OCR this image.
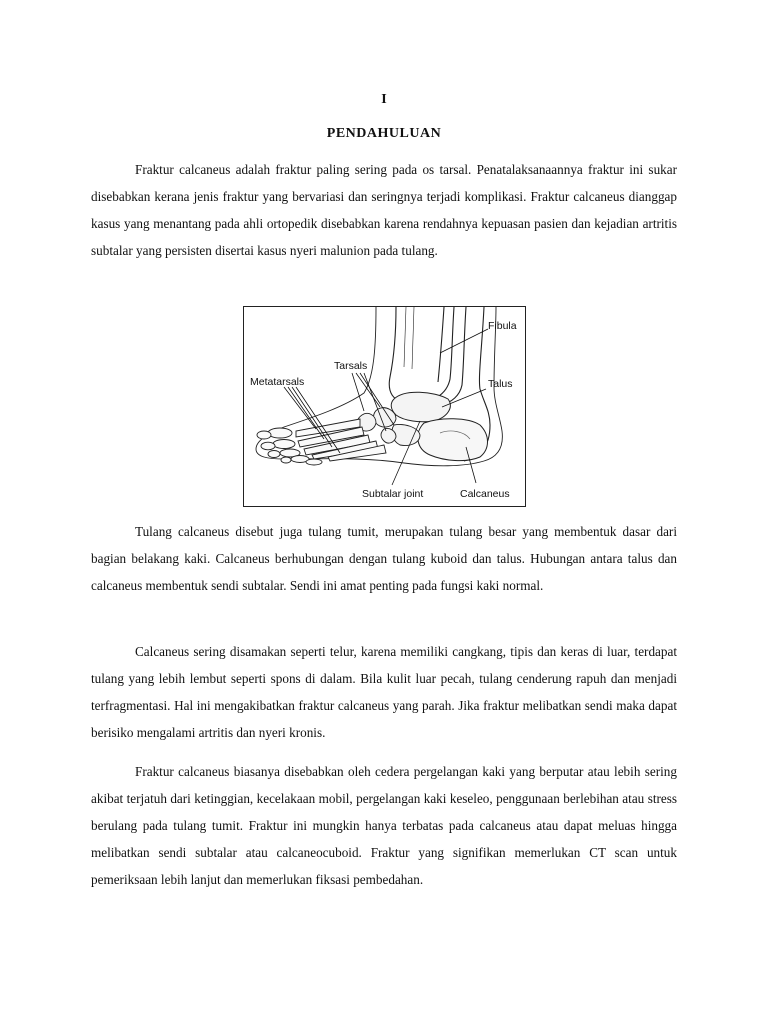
I
PENDAHULUAN

Fraktur calcaneus adalah fraktur paling sering pada os tarsal. Penatalaksanaannya fraktur ini sukar disebabkan kerana jenis fraktur yang bervariasi dan seringnya terjadi komplikasi. Fraktur calcaneus dianggap kasus yang menantang pada ahli ortopedik disebabkan karena rendahnya kepuasan pasien dan kejadian artritis subtalar yang persisten disertai kasus nyeri malunion pada tulang.

Fibula
Tarsals
Metatarsals	Talus
Subtalar joint	Calcaneus

Tulang calcaneus disebut juga tulang tumit, merupakan tulang besar yang membentuk dasar dari bagian belakang kaki. Calcaneus berhubungan dengan tulang kuboid dan talus. Hubungan antara talus dan calcaneus membentuk sendi subtalar. Sendi ini amat penting pada fungsi kaki normal.

Calcaneus sering disamakan seperti telur, karena memiliki cangkang, tipis dan keras di luar, terdapat tulang yang lebih lembut seperti spons di dalam. Bila kulit luar pecah, tulang cenderung rapuh dan menjadi terfragmentasi. Hal ini mengakibatkan fraktur calcaneus yang parah. Jika fraktur melibatkan sendi maka dapat berisiko mengalami artritis dan nyeri kronis.

Fraktur calcaneus biasanya disebabkan oleh cedera pergelangan kaki yang berputar atau lebih sering akibat terjatuh dari ketinggian, kecelakaan mobil, pergelangan kaki keseleo, penggunaan berlebihan atau stress berulang pada tulang tumit. Fraktur ini mungkin hanya terbatas pada calcaneus atau dapat meluas hingga melibatkan sendi subtalar atau calcaneocuboid. Fraktur yang signifikan memerlukan CT scan untuk pemeriksaan lebih lanjut dan memerlukan fiksasi pembedahan.
